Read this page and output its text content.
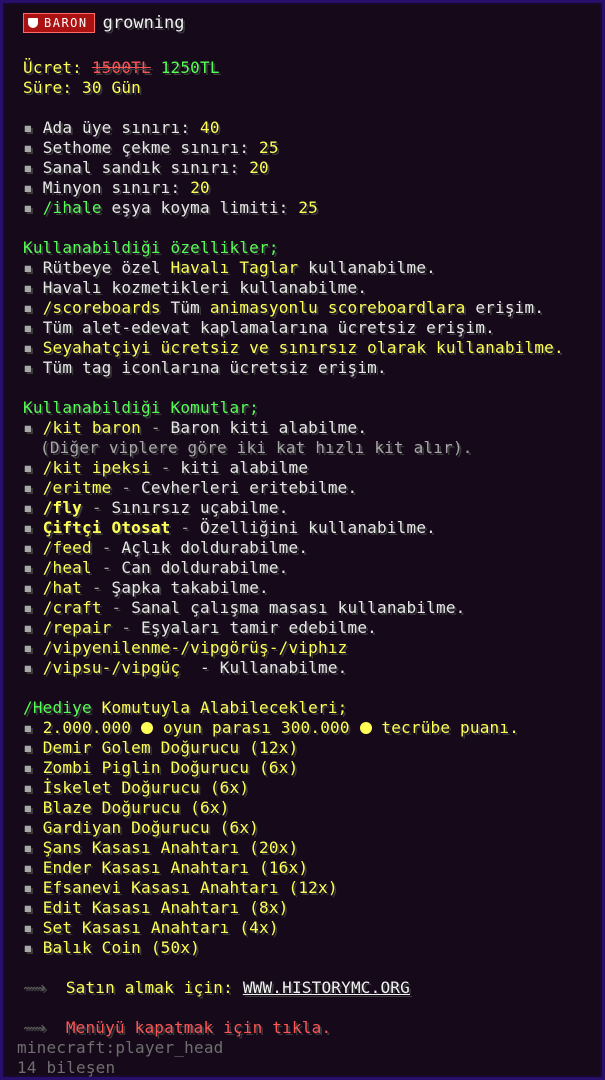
BARON growning
Ücret: 1500TL 1250TL
Süre: 30 Gün
▪ Ada üye sınırı: 40
▪ Sethome çekme sınırı: 25
▪ Sanal sandık sınırı: 20
▪ Minyon sınırı: 20
▪ /ihale eşya koyma limiti: 25
Kullanabildiği özellikler;
▪ Rütbeye özel Havalı Taglar kullanabilme.
▪ Havalı kozmetikleri kullanabilme.
▪ /scoreboards Tüm animasyonlu scoreboardlara erişim.
▪ Tüm alet-edevat kaplamalarına ücretsiz erişim.
▪ Seyahatçiyi ücretsiz ve sınırsız olarak kullanabilme.
▪ Tüm tag iconlarına ücretsiz erişim.
Kullanabildiği Komutlar;
▪ /kit baron - Baron kiti alabilme.
(Diğer viplere göre iki kat hızlı kit alır).
▪ /kit ipeksi - kiti alabilme
▪ /eritme - Cevherleri eritebilme.
▪ /fly - Sınırsız uçabilme.
▪ Çiftçi Otosat - Özelliğini kullanabilme.
▪ /feed - Açlık doldurabilme.
▪ /heal - Can doldurabilme.
▪ /hat - Şapka takabilme.
▪ /craft - Sanal çalışma masası kullanabilme.
▪ /repair - Eşyaları tamir edebilme.
▪ /vipyenilenme-/vipgörüş-/viphız
▪ /vipsu-/vipgüç  - Kullanabilme.
/Hediye Komutuyla Alabilecekleri;
▪ 2.000.000  oyun parası 300.000  tecrübe puanı.
▪ Demir Golem Doğurucu (12x)
▪ Zombi Piglin Doğurucu (6x)
▪ İskelet Doğurucu (6x)
▪ Blaze Doğurucu (6x)
▪ Gardiyan Doğurucu (6x)
▪ Şans Kasası Anahtarı (20x)
▪ Ender Kasası Anahtarı (16x)
▪ Efsanevi Kasası Anahtarı (12x)
▪ Edit Kasası Anahtarı (8x)
▪ Set Kasası Anahtarı (4x)
▪ Balık Coin (50x)
⟿ Satın almak için: WWW.HISTORYMC.ORG
⟿ Menüyü kapatmak için tıkla.
minecraft:player_head
14 bileşen
